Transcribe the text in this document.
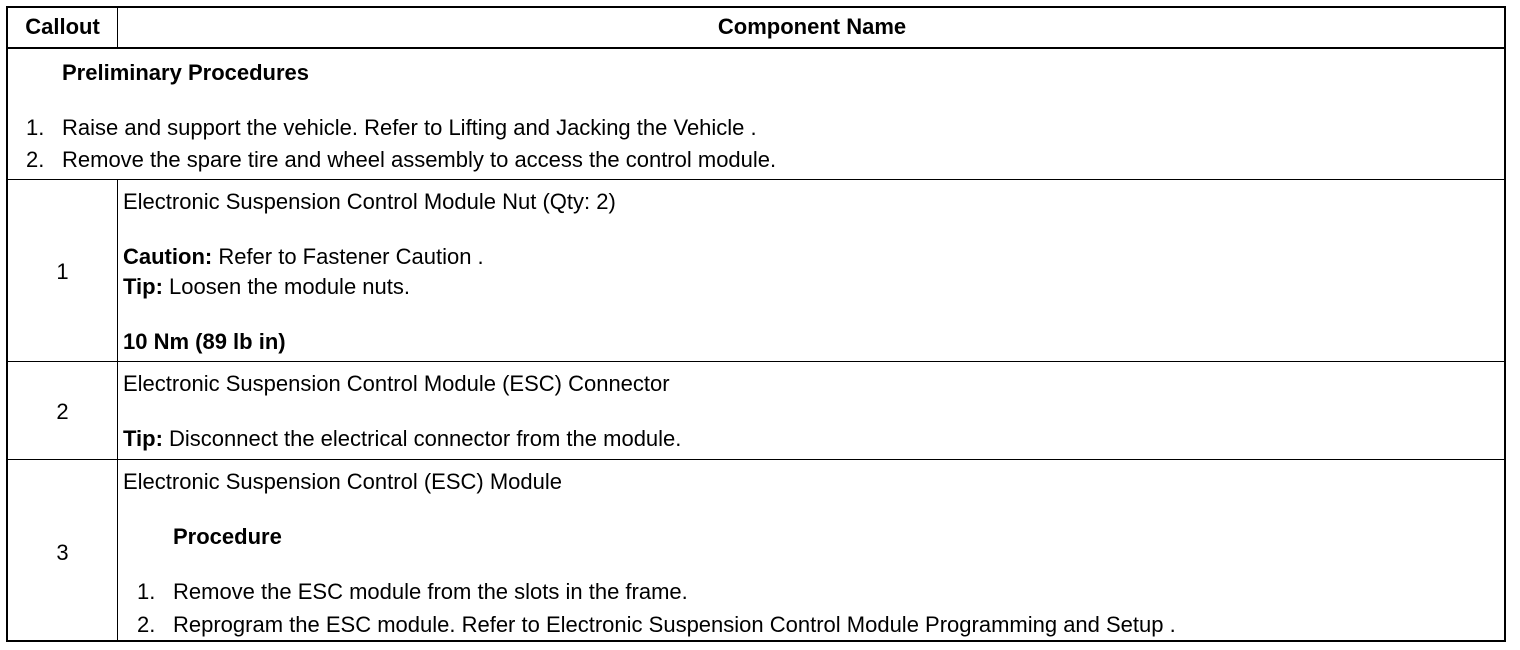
Callout	Component Name
Preliminary Procedures
1. Raise and support the vehicle. Refer to Lifting and Jacking the Vehicle .
2. Remove the spare tire and wheel assembly to access the control module.
1
Electronic Suspension Control Module Nut (Qty: 2)
Caution: Refer to Fastener Caution .
Tip: Loosen the module nuts.
10 Nm (89 lb in)
2
Electronic Suspension Control Module (ESC) Connector
Tip: Disconnect the electrical connector from the module.
3
Electronic Suspension Control (ESC) Module
Procedure
1. Remove the ESC module from the slots in the frame.
2. Reprogram the ESC module. Refer to Electronic Suspension Control Module Programming and Setup .
